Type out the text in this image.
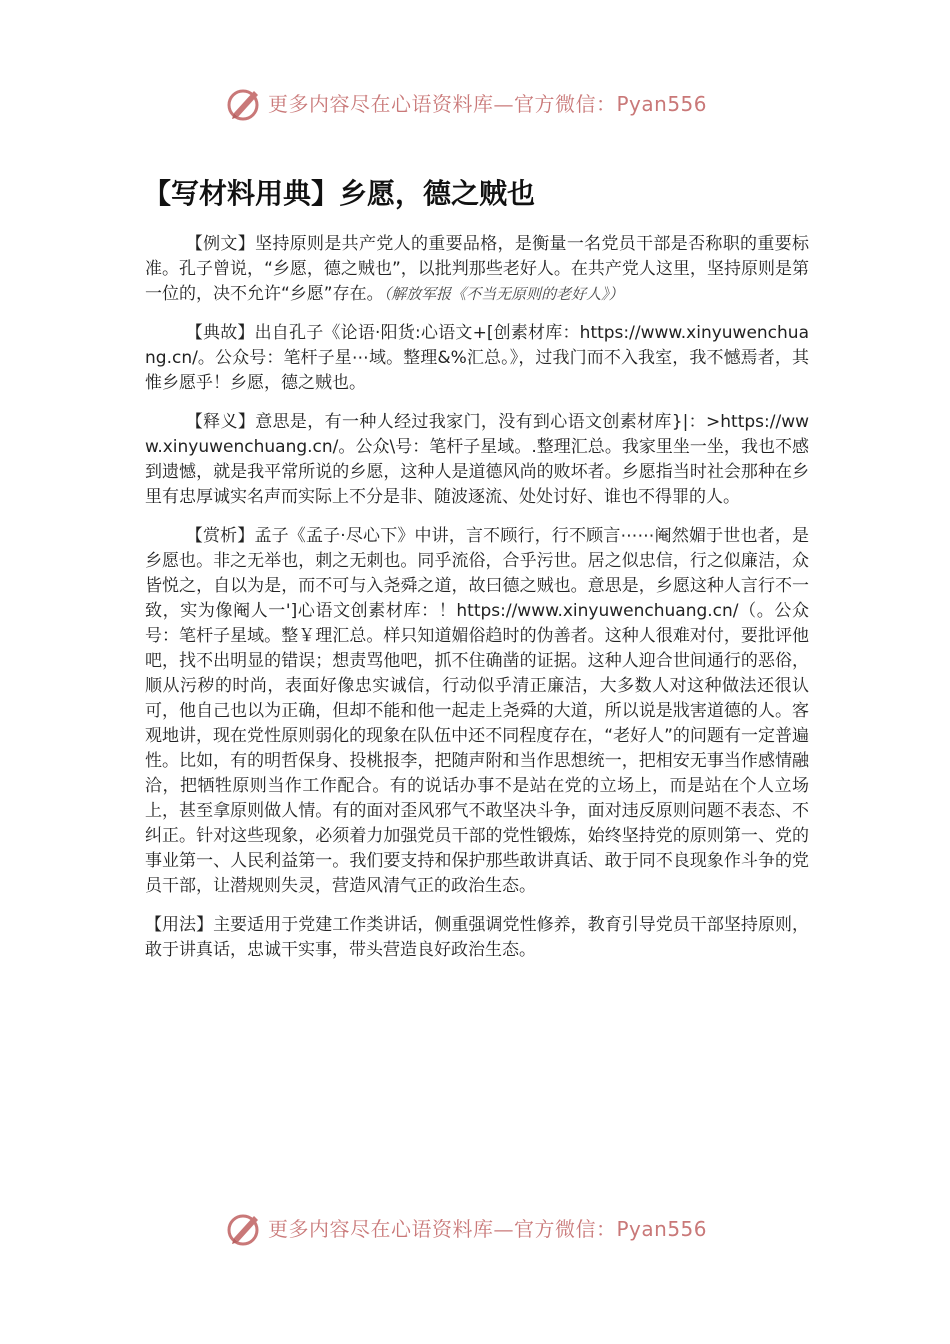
更多内容尽在心语资料库—官方微信：Pyan556
【写材料用典】乡愿，德之贼也

【例文】坚持原则是共产党人的重要品格，是衡量一名党员干部是否称职的重要标准。孔子曾说，“乡愿，德之贼也”，以批判那些老好人。在共产党人这里，坚持原则是第一位的，决不允许“乡愿”存在。（解放军报《不当无原则的老好人》）

【典故】出自孔子《论语·阳货:心语文+[创素材库：https://www.xinyuwenchuang.cn/。公众号：笔杆子星⋯域。整理&%汇总。》，过我门而不入我室，我不憾焉者，其惟乡愿乎！乡愿，德之贼也。

【释义】意思是，有一种人经过我家门，没有到心语文创素材库}|：>https://www.xinyuwenchuang.cn/。公众\号：笔杆子星域。.整理汇总。我家里坐一坐，我也不感到遗憾，就是我平常所说的乡愿，这种人是道德风尚的败坏者。乡愿指当时社会那种在乡里有忠厚诚实名声而实际上不分是非、随波逐流、处处讨好、谁也不得罪的人。

【赏析】孟子《孟子·尽心下》中讲，言不顾行，行不顾言⋯⋯阉然媚于世也者，是乡愿也。非之无举也，刺之无刺也。同乎流俗，合乎污世。居之似忠信，行之似廉洁，众皆悦之，自以为是，而不可与入尧舜之道，故曰德之贼也。意思是，乡愿这种人言行不一致，实为像阉人一']心语文创素材库：！https://www.xinyuwenchuang.cn/（。公众号：笔杆子星域。整￥理汇总。样只知道媚俗趋时的伪善者。这种人很难对付，要批评他吧，找不出明显的错误；想责骂他吧，抓不住确凿的证据。这种人迎合世间通行的恶俗，顺从污秽的时尚，表面好像忠实诚信，行动似乎清正廉洁，大多数人对这种做法还很认可，他自己也以为正确，但却不能和他一起走上尧舜的大道，所以说是戕害道德的人。客观地讲，现在党性原则弱化的现象在队伍中还不同程度存在，“老好人”的问题有一定普遍性。比如，有的明哲保身、投桃报李，把随声附和当作思想统一，把相安无事当作感情融洽，把牺牲原则当作工作配合。有的说话办事不是站在党的立场上，而是站在个人立场上，甚至拿原则做人情。有的面对歪风邪气不敢坚决斗争，面对违反原则问题不表态、不纠正。针对这些现象，必须着力加强党员干部的党性锻炼，始终坚持党的原则第一、党的事业第一、人民利益第一。我们要支持和保护那些敢讲真话、敢于同不良现象作斗争的党员干部，让潜规则失灵，营造风清气正的政治生态。

【用法】主要适用于党建工作类讲话，侧重强调党性修养，教育引导党员干部坚持原则，敢于讲真话，忠诚干实事，带头营造良好政治生态。

更多内容尽在心语资料库—官方微信：Pyan556
